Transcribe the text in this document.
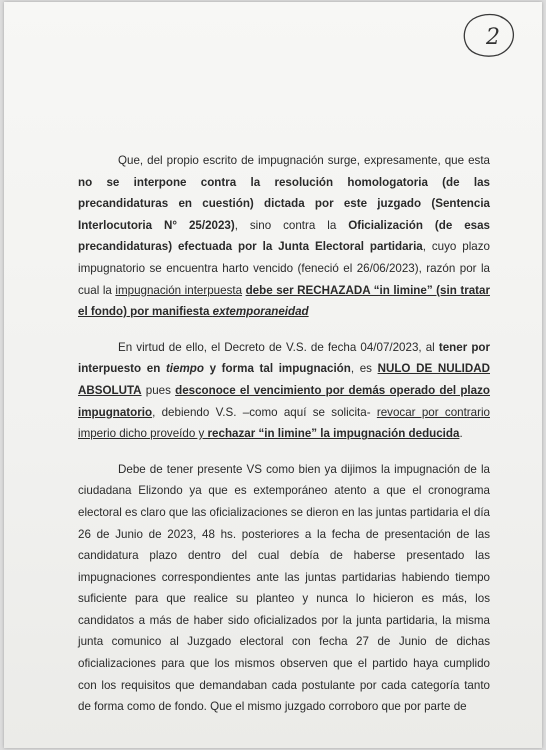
2

Que, del propio escrito de impugnación surge, expresamente, que esta no se interpone contra la resolución homologatoria (de las precandidaturas en cuestión) dictada por este juzgado (Sentencia Interlocutoria N° 25/2023), sino contra la Oficialización (de esas precandidaturas) efectuada por la Junta Electoral partidaria, cuyo plazo impugnatorio se encuentra harto vencido (feneció el 26/06/2023), razón por la cual la impugnación interpuesta debe ser RECHAZADA “in limine” (sin tratar el fondo) por manifiesta extemporaneidad

En virtud de ello, el Decreto de V.S. de fecha 04/07/2023, al tener por interpuesto en tiempo y forma tal impugnación, es NULO DE NULIDAD ABSOLUTA pues desconoce el vencimiento por demás operado del plazo impugnatorio, debiendo V.S. –como aquí se solicita- revocar por contrario imperio dicho proveído y rechazar “in limine” la impugnación deducida.

Debe de tener presente VS como bien ya dijimos la impugnación de la ciudadana Elizondo ya que es extemporáneo atento a que el cronograma electoral es claro que las oficializaciones se dieron en las juntas partidaria el día 26 de Junio de 2023, 48 hs. posteriores a la fecha de presentación de las candidatura plazo dentro del cual debía de haberse presentado las impugnaciones correspondientes ante las juntas partidarias habiendo tiempo suficiente para que realice su planteo y nunca lo hicieron es más, los candidatos a más de haber sido oficializados por la junta partidaria, la misma junta comunico al Juzgado electoral con fecha 27 de Junio de dichas oficializaciones para que los mismos observen que el partido haya cumplido con los requisitos que demandaban cada postulante por cada categoría tanto de forma como de fondo. Que el mismo juzgado corroboro que por parte de
